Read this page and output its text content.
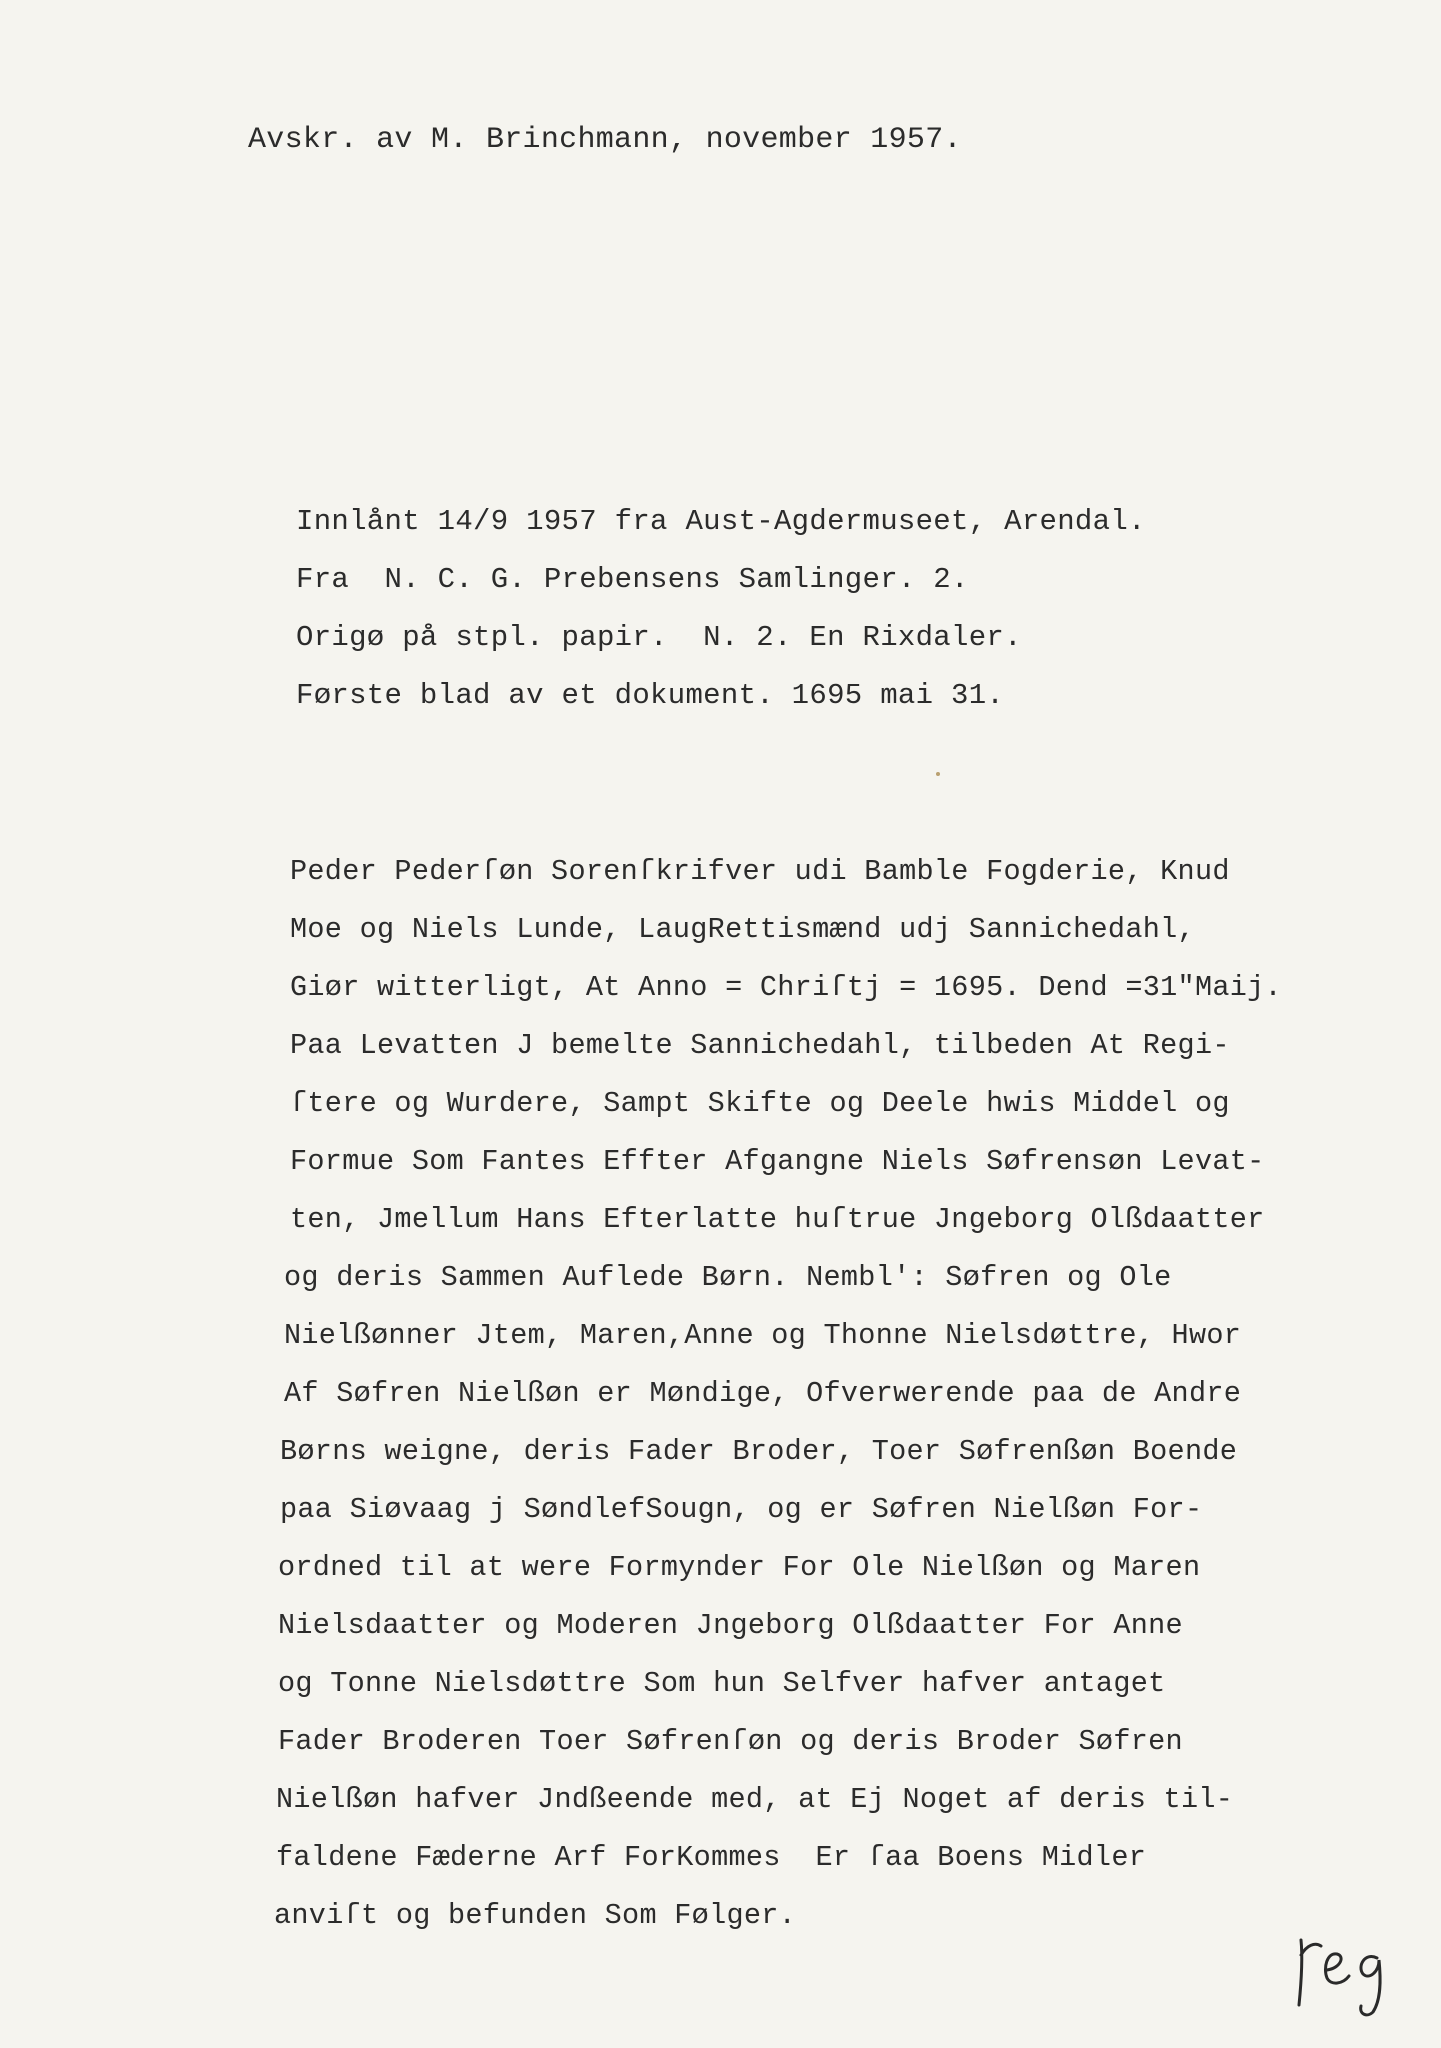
Avskr. av M. Brinchmann, november 1957.
Innlånt 14/9 1957 fra Aust-Agdermuseet, Arendal.
Fra  N. C. G. Prebensens Samlinger. 2.
Origø på stpl. papir.  N. 2. En Rixdaler.
Første blad av et dokument. 1695 mai 31.
Peder Pederſøn Sorenſkrifver udi Bamble Fogderie, Knud
Moe og Niels Lunde, LaugRettismænd udj Sannichedahl,
Giør witterligt, At Anno = Chriſtj = 1695. Dend =31"Maij.
Paa Levatten J bemelte Sannichedahl, tilbeden At Regi-
ſtere og Wurdere, Sampt Skifte og Deele hwis Middel og
Formue Som Fantes Effter Afgangne Niels Søfrensøn Levat-
ten, Jmellum Hans Efterlatte huſtrue Jngeborg Olßdaatter
og deris Sammen Auflede Børn. Nembl': Søfren og Ole
Nielßønner Jtem, Maren,Anne og Thonne Nielsdøttre, Hwor
Af Søfren Nielßøn er Møndige, Ofverwerende paa de Andre
Børns weigne, deris Fader Broder, Toer Søfrenßøn Boende
paa Siøvaag j SøndlefSougn, og er Søfren Nielßøn For-
ordned til at were Formynder For Ole Nielßøn og Maren
Nielsdaatter og Moderen Jngeborg Olßdaatter For Anne
og Tonne Nielsdøttre Som hun Selfver hafver antaget
Fader Broderen Toer Søfrenſøn og deris Broder Søfren
Nielßøn hafver Jndßeende med, at Ej Noget af deris til-
faldene Fæderne Arf ForKommes  Er ſaa Boens Midler
anviſt og befunden Som Følger.
